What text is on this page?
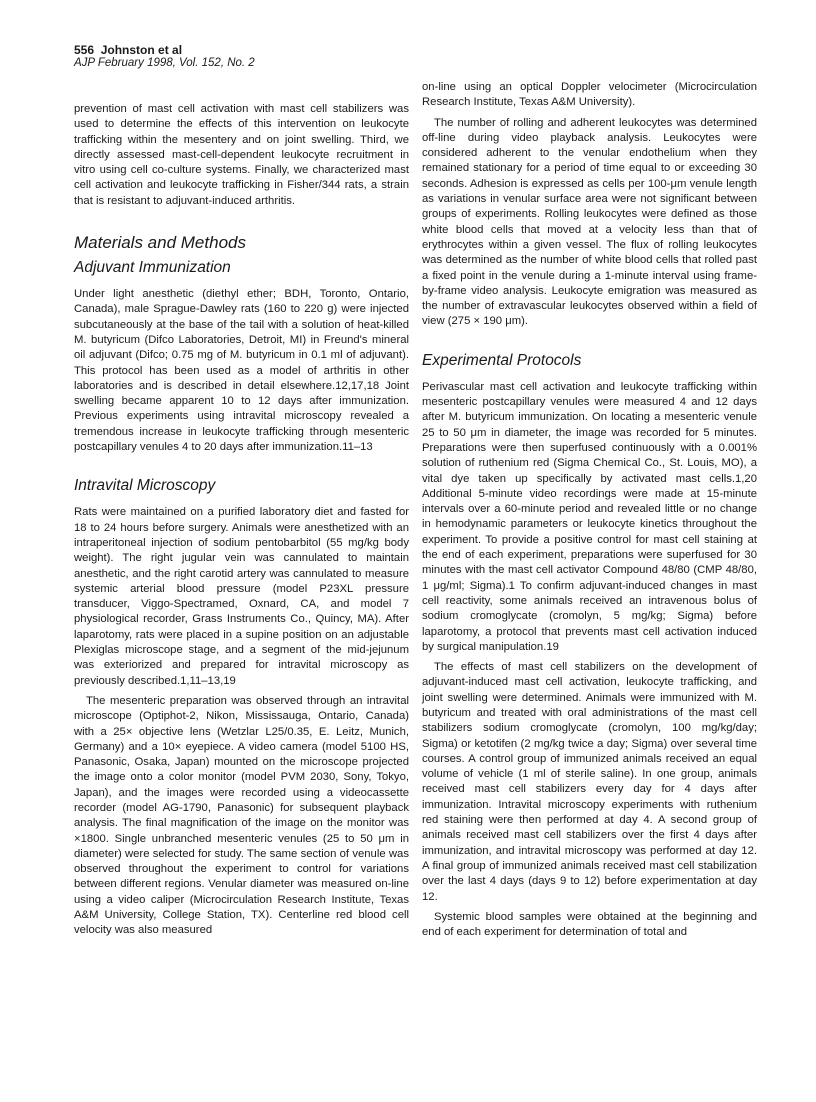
556 Johnston et al
AJP February 1998, Vol. 152, No. 2

prevention of mast cell activation with mast cell stabilizers was used to determine the effects of this intervention on leukocyte trafficking within the mesentery and on joint swelling. Third, we directly assessed mast-cell-dependent leukocyte recruitment in vitro using cell co-culture systems. Finally, we characterized mast cell activation and leukocyte trafficking in Fisher/344 rats, a strain that is resistant to adjuvant-induced arthritis.

Materials and Methods
Adjuvant Immunization

Under light anesthetic (diethyl ether; BDH, Toronto, Ontario, Canada), male Sprague-Dawley rats (160 to 220 g) were injected subcutaneously at the base of the tail with a solution of heat-killed M. butyricum (Difco Laboratories, Detroit, MI) in Freund's mineral oil adjuvant (Difco; 0.75 mg of M. butyricum in 0.1 ml of adjuvant). This protocol has been used as a model of arthritis in other laboratories and is described in detail elsewhere.12,17,18 Joint swelling became apparent 10 to 12 days after immunization. Previous experiments using intravital microscopy revealed a tremendous increase in leukocyte trafficking through mesenteric postcapillary venules 4 to 20 days after immunization.11–13

Intravital Microscopy

Rats were maintained on a purified laboratory diet and fasted for 18 to 24 hours before surgery. Animals were anesthetized with an intraperitoneal injection of sodium pentobarbitol (55 mg/kg body weight). The right jugular vein was cannulated to maintain anesthetic, and the right carotid artery was cannulated to measure systemic arterial blood pressure (model P23XL pressure transducer, Viggo-Spectramed, Oxnard, CA, and model 7 physiological recorder, Grass Instruments Co., Quincy, MA). After laparotomy, rats were placed in a supine position on an adjustable Plexiglas microscope stage, and a segment of the mid-jejunum was exteriorized and prepared for intravital microscopy as previously described.1,11–13,19

The mesenteric preparation was observed through an intravital microscope (Optiphot-2, Nikon, Mississauga, Ontario, Canada) with a 25× objective lens (Wetzlar L25/0.35, E. Leitz, Munich, Germany) and a 10× eyepiece. A video camera (model 5100 HS, Panasonic, Osaka, Japan) mounted on the microscope projected the image onto a color monitor (model PVM 2030, Sony, Tokyo, Japan), and the images were recorded using a videocassette recorder (model AG-1790, Panasonic) for subsequent playback analysis. The final magnification of the image on the monitor was ×1800. Single unbranched mesenteric venules (25 to 50 μm in diameter) were selected for study. The same section of venule was observed throughout the experiment to control for variations between different regions. Venular diameter was measured on-line using a video caliper (Microcirculation Research Institute, Texas A&M University, College Station, TX). Centerline red blood cell velocity was also measured

on-line using an optical Doppler velocimeter (Microcirculation Research Institute, Texas A&M University).

The number of rolling and adherent leukocytes was determined off-line during video playback analysis. Leukocytes were considered adherent to the venular endothelium when they remained stationary for a period of time equal to or exceeding 30 seconds. Adhesion is expressed as cells per 100-μm venule length as variations in venular surface area were not significant between groups of experiments. Rolling leukocytes were defined as those white blood cells that moved at a velocity less than that of erythrocytes within a given vessel. The flux of rolling leukocytes was determined as the number of white blood cells that rolled past a fixed point in the venule during a 1-minute interval using frame-by-frame video analysis. Leukocyte emigration was measured as the number of extravascular leukocytes observed within a field of view (275 × 190 μm).

Experimental Protocols

Perivascular mast cell activation and leukocyte trafficking within mesenteric postcapillary venules were measured 4 and 12 days after M. butyricum immunization. On locating a mesenteric venule 25 to 50 μm in diameter, the image was recorded for 5 minutes. Preparations were then superfused continuously with a 0.001% solution of ruthenium red (Sigma Chemical Co., St. Louis, MO), a vital dye taken up specifically by activated mast cells.1,20 Additional 5-minute video recordings were made at 15-minute intervals over a 60-minute period and revealed little or no change in hemodynamic parameters or leukocyte kinetics throughout the experiment. To provide a positive control for mast cell staining at the end of each experiment, preparations were superfused for 30 minutes with the mast cell activator Compound 48/80 (CMP 48/80, 1 μg/ml; Sigma).1 To confirm adjuvant-induced changes in mast cell reactivity, some animals received an intravenous bolus of sodium cromoglycate (cromolyn, 5 mg/kg; Sigma) before laparotomy, a protocol that prevents mast cell activation induced by surgical manipulation.19

The effects of mast cell stabilizers on the development of adjuvant-induced mast cell activation, leukocyte trafficking, and joint swelling were determined. Animals were immunized with M. butyricum and treated with oral administrations of the mast cell stabilizers sodium cromoglycate (cromolyn, 100 mg/kg/day; Sigma) or ketotifen (2 mg/kg twice a day; Sigma) over several time courses. A control group of immunized animals received an equal volume of vehicle (1 ml of sterile saline). In one group, animals received mast cell stabilizers every day for 4 days after immunization. Intravital microscopy experiments with ruthenium red staining were then performed at day 4. A second group of animals received mast cell stabilizers over the first 4 days after immunization, and intravital microscopy was performed at day 12. A final group of immunized animals received mast cell stabilization over the last 4 days (days 9 to 12) before experimentation at day 12.

Systemic blood samples were obtained at the beginning and end of each experiment for determination of total and
